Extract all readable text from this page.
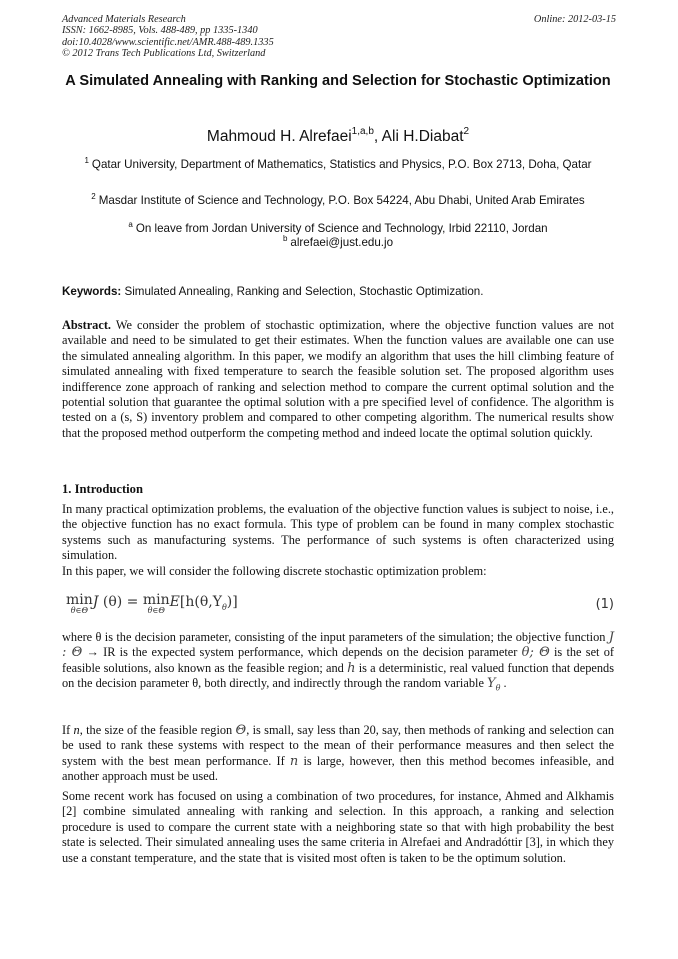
Advanced Materials Research
ISSN: 1662-8985, Vols. 488-489, pp 1335-1340
doi:10.4028/www.scientific.net/AMR.488-489.1335
© 2012 Trans Tech Publications Ltd, Switzerland
Online: 2012-03-15
A Simulated Annealing with Ranking and Selection for Stochastic Optimization
Mahmoud H. Alrefaei$^{1,a,b}$, Ali H.Diabat$^2$
$^1$ Qatar University, Department of Mathematics, Statistics and Physics, P.O. Box 2713, Doha, Qatar
$^2$ Masdar Institute of Science and Technology, P.O. Box 54224, Abu Dhabi, United Arab Emirates
$^a$ On leave from Jordan University of Science and Technology, Irbid 22110, Jordan
$^b$ alrefaei@just.edu.jo
Keywords: Simulated Annealing, Ranking and Selection, Stochastic Optimization.
Abstract. We consider the problem of stochastic optimization, where the objective function values are not available and need to be simulated to get their estimates. When the function values are available one can use the simulated annealing algorithm. In this paper, we modify an algorithm that uses the hill climbing feature of simulated annealing with fixed temperature to search the feasible solution set. The proposed algorithm uses indifference zone approach of ranking and selection method to compare the current optimal solution and the potential solution that guarantee the optimal solution with a pre specified level of confidence. The algorithm is tested on a (s, S) inventory problem and compared to other competing algorithm. The numerical results show that the proposed method outperform the competing method and indeed locate the optimal solution quickly.
1. Introduction
In many practical optimization problems, the evaluation of the objective function values is subject to noise, i.e., the objective function has no exact formula. This type of problem can be found in many complex stochastic systems such as manufacturing systems. The performance of such systems is often characterized using simulation.
In this paper, we will consider the following discrete stochastic optimization problem:
min
θ∈Θ
J (θ) = min
θ∈Θ
$E[h(\theta,Y_\theta)]$	(1)
where θ is the decision parameter, consisting of the input parameters of the simulation; the objective function J : Θ → IR is the expected system performance, which depends on the decision parameter θ; Θ is the set of feasible solutions, also known as the feasible region; and h is a deterministic, real valued function that depends on the decision parameter θ, both directly, and indirectly through the random variable $Y_\theta$ .
If n, the size of the feasible region Θ, is small, say less than 20, say, then methods of ranking and selection can be used to rank these systems with respect to the mean of their performance measures and then select the system with the best mean performance. If n is large, however, then this method becomes infeasible, and another approach must be used.
Some recent work has focused on using a combination of two procedures, for instance, Ahmed and Alkhamis [2] combine simulated annealing with ranking and selection. In this approach, a ranking and selection procedure is used to compare the current state with a neighboring state so that with high probability the best state is selected. Their simulated annealing uses the same criteria in Alrefaei and Andradóttir [3], in which they use a constant temperature, and the state that is visited most often is taken to be the optimum solution.
